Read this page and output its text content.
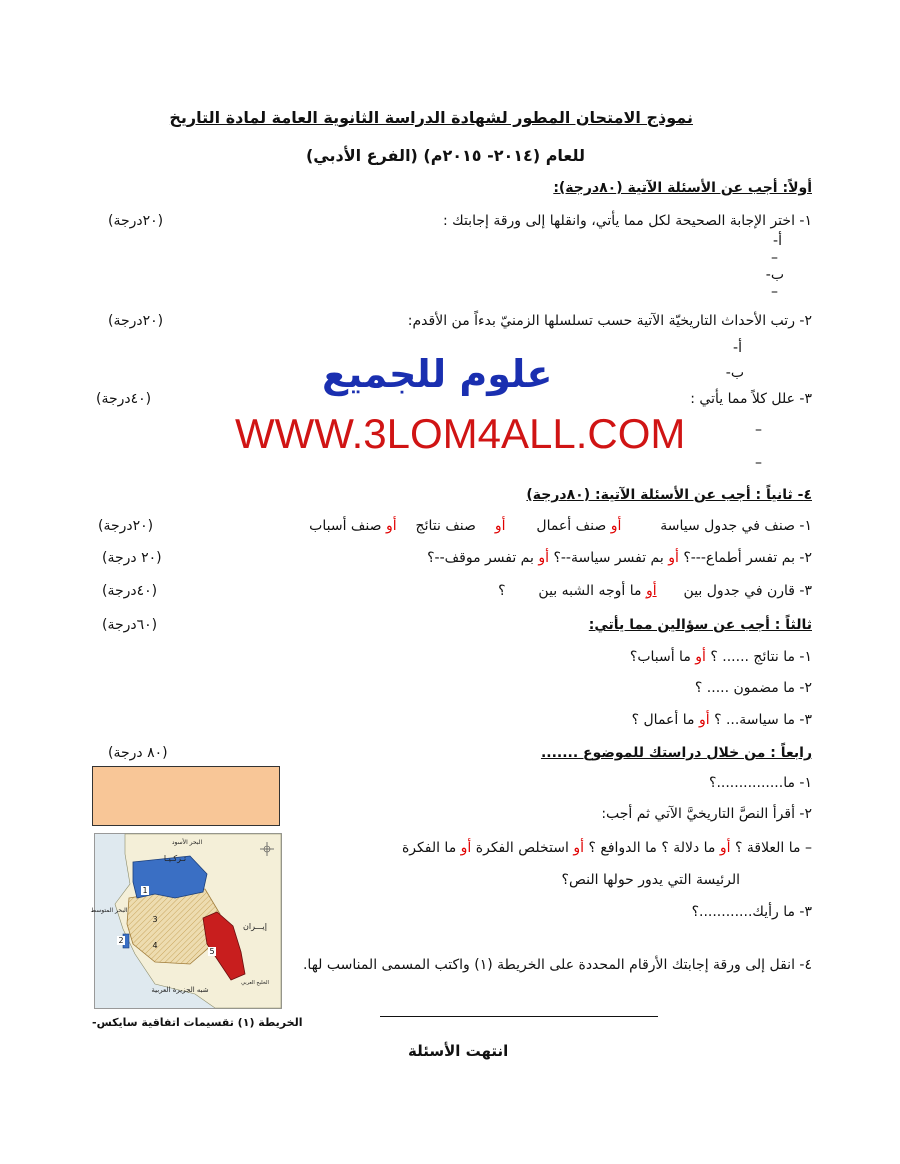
نموذج الامتحان المطور لشهادة الدراسة الثانوية العامة لمادة التاريخ
للعام (٢٠١٤- ٢٠١٥م) (الفرع الأدبي)
أولاً: أجب عن الأسئلة الآتية (٨٠درجة):
١- اختر الإجابة الصحيحة لكل مما يأتي، وانقلها إلى ورقة إجابتك :
(٢٠درجة)
أ-
–
ب-
–
٢- رتب الأحداث التاريخيّة الآتية حسب تسلسلها الزمنيّ بدءاً من الأقدم:
(٢٠درجة)
أ-
ب-
علوم للجميع
WWW.3LOM4ALL.COM
٣- علل كلاً مما يأتي :
(٤٠درجة)
–
–
٤- ثانياً : أجب عن الأسئلة الآتية: (٨٠درجة)
١- صنف في جدول سياسة  أو صنف أعمال  أو  صنف نتائج  أو صنف أسباب
(٢٠درجة)
٢- بم تفسر أطماع---؟ أو بم تفسر سياسة--؟ أو بم تفسر موقف--؟
(٢٠ درجة)
٣- قارن في جدول بين  أو ما أوجه الشبه بين  ؟
(٤٠درجة)
ثالثاً : أجب عن سؤالين مما يأتي:
(٦٠درجة)
١- ما نتائج ...... ؟ أو ما أسباب؟
٢- ما مضمون ..... ؟
٣- ما سياسة... ؟ أو ما أعمال ؟
رابعاً : من خلال دراستك للموضوع .......
(٨٠ درجة)
١- ما...............؟
٢- أقرأ النصَّ التاريخيَّ الآتي ثم أجب:
– ما العلاقة ؟ أو ما دلالة ؟ ما الدوافع ؟ أو استخلص الفكرة أو ما الفكرة
الرئيسة التي يدور حولها النص؟
٣- ما رأيك............؟
٤- انقل إلى ورقة إجابتك الأرقام المحددة على الخريطة (١) واكتب المسمى المناسب لها.
البحر الأسود
تـركـيـا
البحر المتوسط
إيـــران
شبه الجزيرة العربية
الخليج العربي
1
2
3
4
5
الخريطة (١) تقسيمات اتفاقية سايكس-
انتهت الأسئلة
